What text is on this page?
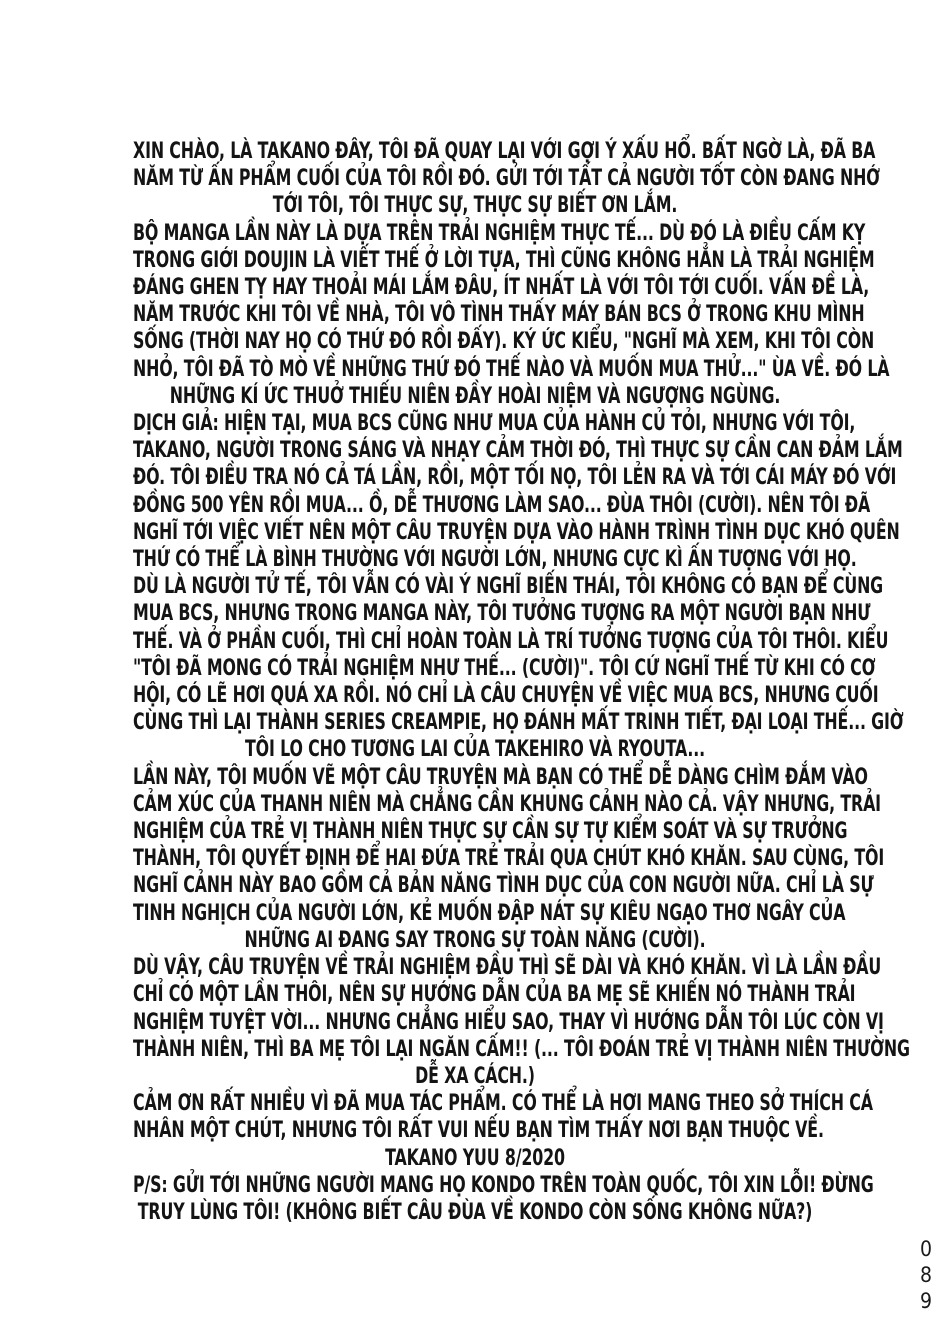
XIN CHÀO, LÀ TAKANO ĐÂY, TÔI ĐÃ QUAY LẠI VỚI GỢI Ý XẤU HỔ. BẤT NGỜ LÀ, ĐÃ BA
NĂM TỪ ẤN PHẨM CUỐI CỦA TÔI RỒI ĐÓ. GỬI TỚI TẤT CẢ NGƯỜI TỐT CÒN ĐANG NHỚ
TỚI TÔI, TÔI THỰC SỰ, THỰC SỰ BIẾT ƠN LẮM.
BỘ MANGA LẦN NÀY LÀ DỰA TRÊN TRẢI NGHIỆM THỰC TẾ... DÙ ĐÓ LÀ ĐIỀU CẤM KỴ
TRONG GIỚI DOUJIN LÀ VIẾT THẾ Ở LỜI TỰA, THÌ CŨNG KHÔNG HẲN LÀ TRẢI NGHIỆM
ĐÁNG GHEN TỴ HAY THOẢI MÁI LẮM ĐÂU, ÍT NHẤT LÀ VỚI TÔI TỚI CUỐI. VẤN ĐỀ LÀ,
NĂM TRƯỚC KHI TÔI VỀ NHÀ, TÔI VÔ TÌNH THẤY MÁY BÁN BCS Ở TRONG KHU MÌNH
SỐNG (THỜI NAY HỌ CÓ THỨ ĐÓ RỒI ĐẤY). KÝ ỨC KIỂU, "NGHĨ MÀ XEM, KHI TÔI CÒN
NHỎ, TÔI ĐÃ TÒ MÒ VỀ NHỮNG THỨ ĐÓ THẾ NÀO VÀ MUỐN MUA THỬ..." ÙA VỀ. ĐÓ LÀ
NHỮNG KÍ ỨC THUỞ THIẾU NIÊN ĐẦY HOÀI NIỆM VÀ NGƯỢNG NGÙNG.
DỊCH GIẢ: HIỆN TẠI, MUA BCS CŨNG NHƯ MUA CỦA HÀNH CỦ TỎI, NHƯNG VỚI TÔI,
TAKANO, NGƯỜI TRONG SÁNG VÀ NHẠY CẢM THỜI ĐÓ, THÌ THỰC SỰ CẦN CAN ĐẢM LẮM
ĐÓ. TÔI ĐIỀU TRA NÓ CẢ TÁ LẦN, RỒI, MỘT TỐI NỌ, TÔI LẺN RA VÀ TỚI CÁI MÁY ĐÓ VỚI
ĐỒNG 500 YÊN RỒI MUA... Ồ, DỄ THƯƠNG LÀM SAO... ĐÙA THÔI (CƯỜI). NÊN TÔI ĐÃ
NGHĨ TỚI VIỆC VIẾT NÊN MỘT CÂU TRUYỆN DỰA VÀO HÀNH TRÌNH TÌNH DỤC KHÓ QUÊN
THỨ CÓ THỂ LÀ BÌNH THƯỜNG VỚI NGƯỜI LỚN, NHƯNG CỰC KÌ ẤN TƯỢNG VỚI HỌ.
DÙ LÀ NGƯỜI TỬ TẾ, TÔI VẪN CÓ VÀI Ý NGHĨ BIẾN THÁI, TÔI KHÔNG CÓ BẠN ĐỂ CÙNG
MUA BCS, NHƯNG TRONG MANGA NÀY, TÔI TƯỞNG TƯỢNG RA MỘT NGƯỜI BẠN NHƯ
THẾ. VÀ Ở PHẦN CUỐI, THÌ CHỈ HOÀN TOÀN LÀ TRÍ TƯỞNG TƯỢNG CỦA TÔI THÔI. KIỂU
"TÔI ĐÃ MONG CÓ TRẢI NGHIỆM NHƯ THẾ... (CƯỜI)". TÔI CỨ NGHĨ THẾ TỪ KHI CÓ CƠ
HỘI, CÓ LẼ HƠI QUÁ XA RỒI. NÓ CHỈ LÀ CÂU CHUYỆN VỀ VIỆC MUA BCS, NHƯNG CUỐI
CÙNG THÌ LẠI THÀNH SERIES CREAMPIE, HỌ ĐÁNH MẤT TRINH TIẾT, ĐẠI LOẠI THẾ... GIỜ
TÔI LO CHO TƯƠNG LAI CỦA TAKEHIRO VÀ RYOUTA...
LẦN NÀY, TÔI MUỐN VẼ MỘT CÂU TRUYỆN MÀ BẠN CÓ THỂ DỄ DÀNG CHÌM ĐẮM VÀO
CẢM XÚC CỦA THANH NIÊN MÀ CHẲNG CẦN KHUNG CẢNH NÀO CẢ. VẬY NHƯNG, TRẢI
NGHIỆM CỦA TRẺ VỊ THÀNH NIÊN THỰC SỰ CẦN SỰ TỰ KIỂM SOÁT VÀ SỰ TRƯỞNG
THÀNH, TÔI QUYẾT ĐỊNH ĐỂ HAI ĐỨA TRẺ TRẢI QUA CHÚT KHÓ KHĂN. SAU CÙNG, TÔI
NGHĨ CẢNH NÀY BAO GỒM CẢ BẢN NĂNG TÌNH DỤC CỦA CON NGƯỜI NỮA. CHỈ LÀ SỰ
TINH NGHỊCH CỦA NGƯỜI LỚN, KẺ MUỐN ĐẬP NÁT SỰ KIÊU NGẠO THƠ NGÂY CỦA
NHỮNG AI ĐANG SAY TRONG SỰ TOÀN NĂNG (CƯỜI).
DÙ VẬY, CÂU TRUYỆN VỀ TRẢI NGHIỆM ĐẦU THÌ SẼ DÀI VÀ KHÓ KHĂN. VÌ LÀ LẦN ĐẦU
CHỈ CÓ MỘT LẦN THÔI, NÊN SỰ HƯỚNG DẪN CỦA BA MẸ SẼ KHIẾN NÓ THÀNH TRẢI
NGHIỆM TUYỆT VỜI... NHƯNG CHẲNG HIỂU SAO, THAY VÌ HƯỚNG DẪN TÔI LÚC CÒN VỊ
THÀNH NIÊN, THÌ BA MẸ TÔI LẠI NGĂN CẤM!! (... TÔI ĐOÁN TRẺ VỊ THÀNH NIÊN THƯỜNG
DỄ XA CÁCH.)
CẢM ƠN RẤT NHIỀU VÌ ĐÃ MUA TÁC PHẨM. CÓ THỂ LÀ HƠI MANG THEO SỞ THÍCH CÁ
NHÂN MỘT CHÚT, NHƯNG TÔI RẤT VUI NẾU BẠN TÌM THẤY NƠI BẠN THUỘC VỀ.
TAKANO YUU 8/2020
P/S: GỬI TỚI NHỮNG NGƯỜI MANG HỌ KONDO TRÊN TOÀN QUỐC, TÔI XIN LỖI! ĐỪNG
TRUY LÙNG TÔI! (KHÔNG BIẾT CÂU ĐÙA VỀ KONDO CÒN SỐNG KHÔNG NỮA?)
089
